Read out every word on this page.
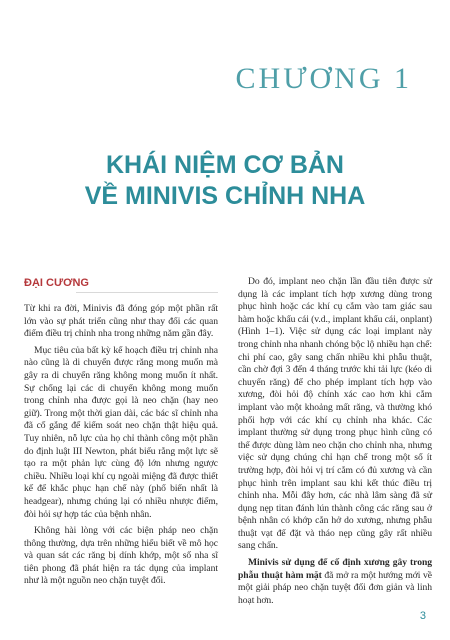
CHƯƠNG 1
KHÁI NIỆM CƠ BẢN
VỀ MINIVIS CHỈNH NHA
ĐẠI CƯƠNG

Từ khi ra đời, Minivis đã đóng góp một phần rất lớn vào sự phát triển cũng như thay đổi các quan điểm điều trị chỉnh nha trong những năm gần đây.

Mục tiêu của bất kỳ kế hoạch điều trị chỉnh nha nào cũng là di chuyển được răng mong muốn mà gây ra di chuyển răng không mong muốn ít nhất. Sự chống lại các di chuyển không mong muốn trong chỉnh nha được gọi là neo chặn (hay neo giữ). Trong một thời gian dài, các bác sĩ chỉnh nha đã cố gắng để kiểm soát neo chặn thật hiệu quả. Tuy nhiên, nỗ lực của họ chỉ thành công một phần do định luật III Newton, phát biểu rằng một lực sẽ tạo ra một phản lực cùng độ lớn nhưng ngược chiều. Nhiều loại khí cụ ngoài miệng đã được thiết kế để khắc phục hạn chế này (phổ biến nhất là headgear), nhưng chúng lại có nhiều nhược điểm, đòi hỏi sự hợp tác của bệnh nhân.

Không hài lòng với các biện pháp neo chặn thông thường, dựa trên những hiểu biết về mô học và quan sát các răng bị dính khớp, một số nha sĩ tiên phong đã phát hiện ra tác dụng của implant như là một nguồn neo chặn tuyệt đối.

Do đó, implant neo chặn lần đầu tiên được sử dụng là các implant tích hợp xương dùng trong phục hình hoặc các khí cụ cắm vào tam giác sau hàm hoặc khẩu cái (v.d., implant khẩu cái, onplant) (Hình 1–1). Việc sử dụng các loại implant này trong chỉnh nha nhanh chóng bộc lộ nhiều hạn chế: chi phí cao, gây sang chấn nhiều khi phẫu thuật, cần chờ đợi 3 đến 4 tháng trước khi tải lực (kéo di chuyển răng) để cho phép implant tích hợp vào xương, đòi hỏi độ chính xác cao hơn khi cắm implant vào một khoảng mất răng, và thường khó phối hợp với các khí cụ chỉnh nha khác. Các implant thường sử dụng trong phục hình cũng có thể được dùng làm neo chặn cho chỉnh nha, nhưng việc sử dụng chúng chỉ hạn chế trong một số ít trường hợp, đòi hỏi vị trí cắm có đủ xương và cần phục hình trên implant sau khi kết thúc điều trị chỉnh nha. Mỗi đây hơn, các nhà lâm sàng đã sử dụng nẹp titan đánh lún thành công các răng sau ở bệnh nhân có khớp cắn hở do xương, nhưng phẫu thuật vạt để đặt và tháo nẹp cũng gây rất nhiều sang chấn.

Minivis sử dụng để cố định xương gây trong phẫu thuật hàm mặt đã mở ra một hướng mới về một giải pháp neo chặn tuyệt đối đơn giản và linh hoạt hơn.

3
